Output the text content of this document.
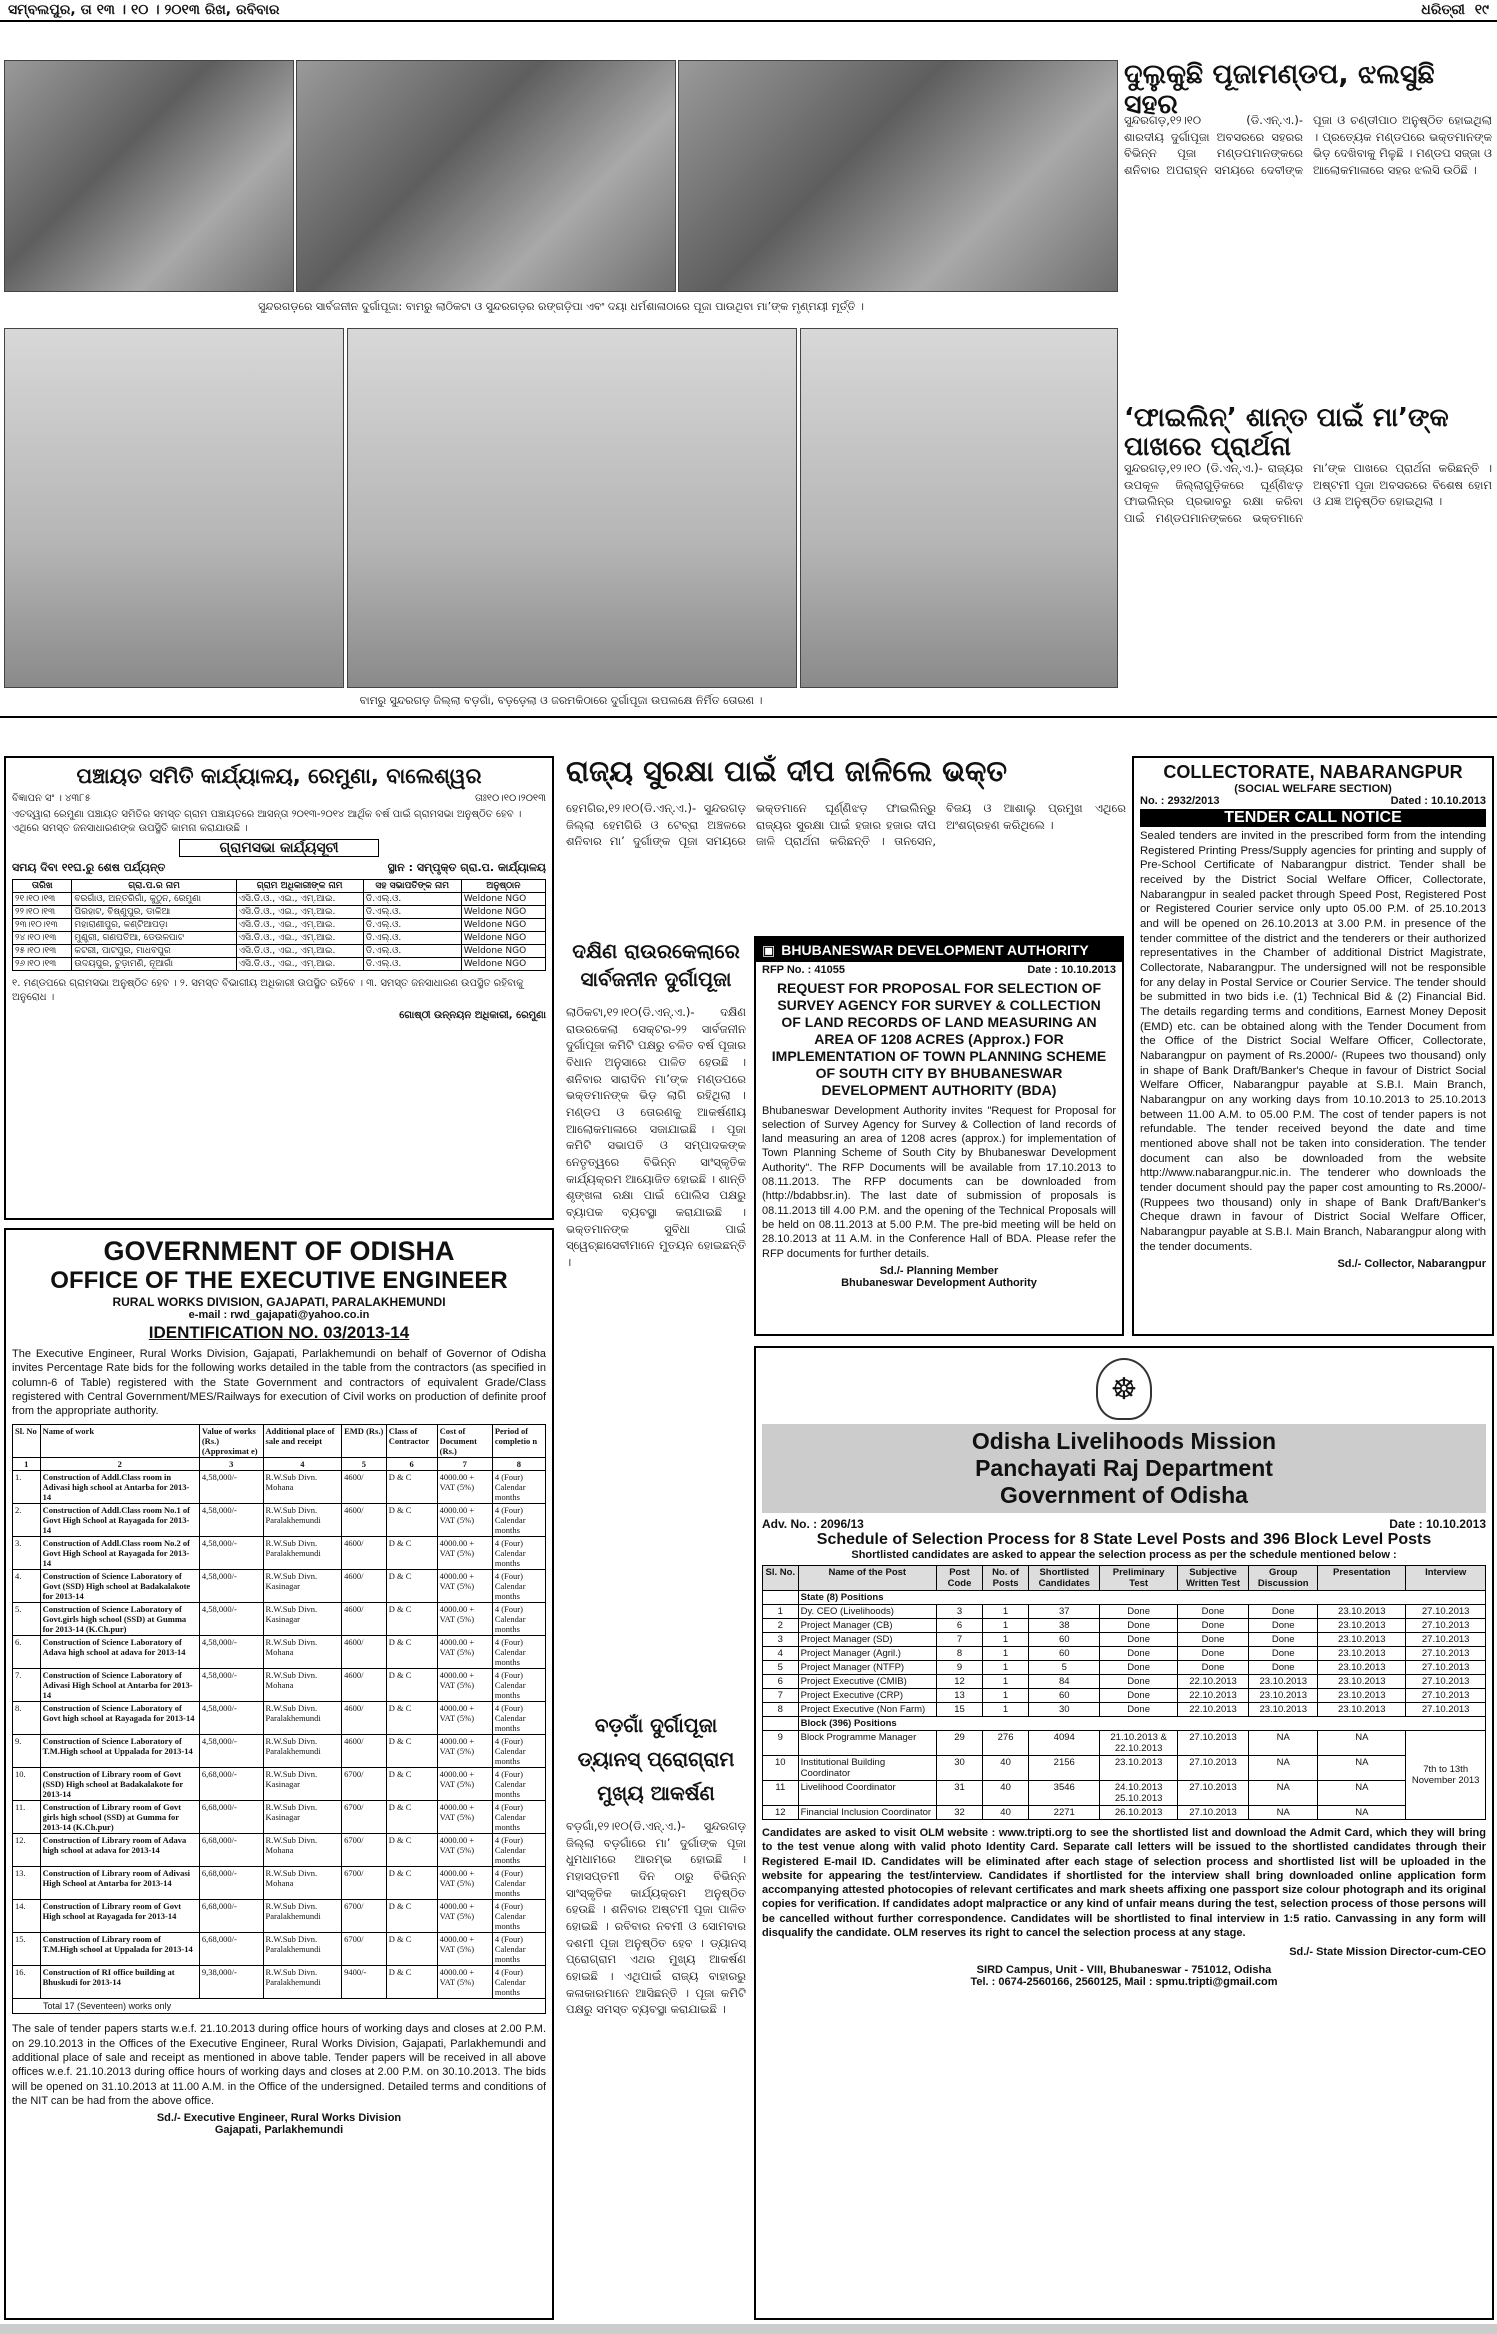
ସମ୍ବଲପୁର, ତା ୧୩ । ୧୦ । ୨୦୧୩ ରିଖ, ରବିବାର	ଧରିତ୍ରୀ ୧୯
ସୁନ୍ଦରଗଡ଼ରେ ସାର୍ବଜନୀନ ଦୁର୍ଗାପୂଜା: ବାମରୁ ଲାଠିକଟା ଓ ସୁନ୍ଦରଗଡ଼ର ରଙ୍ଗଡ଼ିପା ଏବଂ ଦୟା ଧର୍ମଶାଳାଠାରେ ପୂଜା ପାଉଥିବା ମା’ଙ୍କ ମୃଣ୍ମୟୀ ମୂର୍ତ୍ତି ।
ବାମରୁ ସୁନ୍ଦରଗଡ଼ ଜିଲ୍ଲା ବଡ଼ଗାଁ, ବଡ଼ଡ଼େଲା ଓ ଜରମକିଠାରେ ଦୁର୍ଗାପୂଜା ଉପଲକ୍ଷେ ନିର୍ମିତ ତୋରଣ ।
ଦୁଲୁକୁଛି ପୂଜାମଣ୍ଡପ, ଝଲସୁଛି ସହର
ସୁନ୍ଦରଗଡ଼,୧୨।୧୦ (ଡି.ଏନ୍.ଏ.)- ଶାରଦୀୟ ଦୁର୍ଗାପୂଜା ଅବସରରେ ସହରର ବିଭିନ୍ନ ପୂଜା ମଣ୍ଡପମାନଙ୍କରେ ଶନିବାର ଅପରାହ୍ନ ସମୟରେ ଦେବୀଙ୍କ ପୂଜା ଓ ଚଣ୍ଡୀପାଠ ଅନୁଷ୍ଠିତ ହୋଇଥିଲା । ପ୍ରତ୍ୟେକ ମଣ୍ଡପରେ ଭକ୍ତମାନଙ୍କ ଭିଡ଼ ଦେଖିବାକୁ ମିଳୁଛି । ମଣ୍ଡପ ସଜ୍ଜା ଓ ଆଲୋକମାଳାରେ ସହର ଝଲସି ଉଠିଛି ।
‘ଫାଇଲିନ୍’ ଶାନ୍ତ ପାଇଁ ମା’ଙ୍କ ପାଖରେ ପ୍ରାର୍ଥନା
ସୁନ୍ଦରଗଡ଼,୧୨।୧୦ (ଡି.ଏନ୍.ଏ.)- ରାଜ୍ୟର ଉପକୂଳ ଜିଲ୍ଲାଗୁଡ଼ିକରେ ଘୂର୍ଣ୍ଣିଝଡ଼ ଫାଇଲିନ୍‌ର ପ୍ରଭାବରୁ ରକ୍ଷା କରିବା ପାଇଁ ମଣ୍ଡପମାନଙ୍କରେ ଭକ୍ତମାନେ ମା’ଙ୍କ ପାଖରେ ପ୍ରାର୍ଥନା କରିଛନ୍ତି । ଅଷ୍ଟମୀ ପୂଜା ଅବସରରେ ବିଶେଷ ହୋମ ଓ ଯଜ୍ଞ ଅନୁଷ୍ଠିତ ହୋଇଥିଲା ।
ପଞ୍ଚାୟତ ସମିତି କାର୍ଯ୍ୟାଳୟ, ରେମୁଣା, ବାଲେଶ୍ୱର
ବିଜ୍ଞାପନ ସଂ । ୪୩୮୫	ତାଃ୧୦।୧୦।୨୦୧୩
ଏତଦ୍ୱାରା ରେମୁଣା ପଞ୍ଚାୟତ ସମିତିର ସମସ୍ତ ଗ୍ରାମ ପଞ୍ଚାୟତରେ ଆସନ୍ତା ୨୦୧୩-୨୦୧୪ ଆର୍ଥିକ ବର୍ଷ ପାଇଁ ଗ୍ରାମସଭା ଅନୁଷ୍ଠିତ ହେବ । ଏଥିରେ ସମସ୍ତ ଜନସାଧାରଣଙ୍କ ଉପସ୍ଥିତି କାମନା କରାଯାଉଛି ।
ଗ୍ରାମସଭା କାର୍ଯ୍ୟସୂଚୀ
ସମୟ ଦିବା ୧୧ଘ.ରୁ ଶେଷ ପର୍ଯ୍ୟନ୍ତ	ସ୍ଥାନ : ସମ୍ପୃକ୍ତ ଗ୍ରା.ପ. କାର୍ଯ୍ୟାଳୟ
ତାରିଖ	ଗ୍ରା.ପ.ର ନାମ	ଗ୍ରାମ ଅଧିକାରୀଙ୍କ ନାମ	ସହ ସଭାପତିଙ୍କ ନାମ	ଅନୁଷ୍ଠାନ
୨୧।୧୦।୧୩	ବରଗାଁଓ, ଅନ୍ତରିଗାଁ, କୁଠୁନ, ରେମୁଣା	ଏସି.ଡି.ଓ., ଏଇ., ଏମ୍.ଆଇ.	ଡି.ଏଲ୍.ଓ.	Weldone NGO
୨୨।୧୦।୧୩	ପିରହାଟ, ବିଷ୍ଣୁପୁର, ଡାକିଆ	ଏସି.ଡି.ଓ., ଏଇ., ଏମ୍.ଆଇ.	ଡି.ଏଲ୍.ଓ.	Weldone NGO
୨୩।୧୦।୧୩	ମହାରାଣୀପୁର, କଣ୍ଟିଆପଡ଼ା	ଏସି.ଡି.ଓ., ଏଇ., ଏମ୍.ଆଇ.	ଡି.ଏଲ୍.ଓ.	Weldone NGO
୨୪।୧୦।୧୩	ମୁଣ୍ଡ୍ରୀ, ଗଣପତିଆ, ଡେଉଳପାଟ	ଏସି.ଡି.ଓ., ଏଇ., ଏମ୍.ଆଇ.	ଡି.ଏଲ୍.ଓ.	Weldone NGO
୨୫।୧୦।୧୩	କଟରୀ, ପାଟପୁର, ମାଧବପୁର	ଏସି.ଡି.ଓ., ଏଇ., ଏମ୍.ଆଇ.	ଡି.ଏଲ୍.ଓ.	Weldone NGO
୨୬।୧୦।୧୩	ଉଦୟପୁର, ଚୁଡ଼ାମଣି, ନୂଆଗାଁ	ଏସି.ଡି.ଓ., ଏଇ., ଏମ୍.ଆଇ.	ଡି.ଏଲ୍.ଓ.	Weldone NGO
୧. ମଣ୍ଡପରେ ଗ୍ରାମସଭା ଅନୁଷ୍ଠିତ ହେବ । ୨. ସମସ୍ତ ବିଭାଗୀୟ ଅଧିକାରୀ ଉପସ୍ଥିତ ରହିବେ । ୩. ସମସ୍ତ ଜନସାଧାରଣ ଉପସ୍ଥିତ ରହିବାକୁ ଅନୁରୋଧ ।
ଗୋଷ୍ଠୀ ଉନ୍ନୟନ ଅଧିକାରୀ, ରେମୁଣା
GOVERNMENT OF ODISHA
OFFICE OF THE EXECUTIVE ENGINEER
RURAL WORKS DIVISION, GAJAPATI, PARALAKHEMUNDI
e-mail : rwd_gajapati@yahoo.co.in
IDENTIFICATION NO. 03/2013-14
The Executive Engineer, Rural Works Division, Gajapati, Parlakhemundi on behalf of Governor of Odisha invites Percentage Rate bids for the following works detailed in the table from the contractors (as specified in column-6 of Table) registered with the State Government and contractors of equivalent Grade/Class registered with Central Government/MES/Railways for execution of Civil works on production of definite proof from the appropriate authority.
Sl. No	Name of work	Value of works (Rs.) (Approximat e)	Additional place of sale and receipt	EMD (Rs.)	Class of Contractor	Cost of Document (Rs.)	Period of completio n
1	2	3	4	5	6	7	8
1.	Construction of Addl.Class room in Adivasi high school at Antarba for 2013-14	4,58,000/-	R.W.Sub Divn. Mohana	4600/	D & C	4000.00 + VAT (5%)	4 (Four) Calendar months
2.	Construction of Addl.Class room No.1 of Govt High School at Rayagada for 2013-14	4,58,000/-	R.W.Sub Divn. Paralakhemundi	4600/	D & C	4000.00 + VAT (5%)	4 (Four) Calendar months
3.	Construction of Addl.Class room No.2 of Govt High School at Rayagada for 2013-14	4,58,000/-	R.W.Sub Divn. Paralakhemundi	4600/	D & C	4000.00 + VAT (5%)	4 (Four) Calendar months
4.	Construction of Science Laboratory of Govt (SSD) High school at Badakalakote for 2013-14	4,58,000/-	R.W.Sub Divn. Kasinagar	4600/	D & C	4000.00 + VAT (5%)	4 (Four) Calendar months
5.	Construction of Science Laboratory of Govt.girls high school (SSD) at Gumma for 2013-14 (K.Ch.pur)	4,58,000/-	R.W.Sub Divn. Kasinagar	4600/	D & C	4000.00 + VAT (5%)	4 (Four) Calendar months
6.	Construction of Science Laboratory of Adava high school at adava for 2013-14	4,58,000/-	R.W.Sub Divn. Mohana	4600/	D & C	4000.00 + VAT (5%)	4 (Four) Calendar months
7.	Construction of Science Laboratory of Adivasi High School at Antarba for 2013-14	4,58,000/-	R.W.Sub Divn. Mohana	4600/	D & C	4000.00 + VAT (5%)	4 (Four) Calendar months
8.	Construction of Science Laboratory of Govt high school at Rayagada for 2013-14	4,58,000/-	R.W.Sub Divn. Paralakhemundi	4600/	D & C	4000.00 + VAT (5%)	4 (Four) Calendar months
9.	Construction of Science Laboratory of T.M.High school at Uppalada for 2013-14	4,58,000/-	R.W.Sub Divn. Paralakhemundi	4600/	D & C	4000.00 + VAT (5%)	4 (Four) Calendar months
10.	Construction of Library room of Govt (SSD) High school at Badakalakote for 2013-14	6,68,000/-	R.W.Sub Divn. Kasinagar	6700/	D & C	4000.00 + VAT (5%)	4 (Four) Calendar months
11.	Construction of Library room of Govt girls high school (SSD) at Gumma for 2013-14 (K.Ch.pur)	6,68,000/-	R.W.Sub Divn. Kasinagar	6700/	D & C	4000.00 + VAT (5%)	4 (Four) Calendar months
12.	Construction of Library room of Adava high school at adava for 2013-14	6,68,000/-	R.W.Sub Divn. Mohana	6700/	D & C	4000.00 + VAT (5%)	4 (Four) Calendar months
13.	Construction of Library room of Adivasi High School at Antarba for 2013-14	6,68,000/-	R.W.Sub Divn. Mohana	6700/	D & C	4000.00 + VAT (5%)	4 (Four) Calendar months
14.	Construction of Library room of Govt High school at Rayagada for 2013-14	6,68,000/-	R.W.Sub Divn. Paralakhemundi	6700/	D & C	4000.00 + VAT (5%)	4 (Four) Calendar months
15.	Construction of Library room of T.M.High school at Uppalada for 2013-14	6,68,000/-	R.W.Sub Divn. Paralakhemundi	6700/	D & C	4000.00 + VAT (5%)	4 (Four) Calendar months
16.	Construction of RI office building at Bhuskudi for 2013-14	9,38,000/-	R.W.Sub Divn. Paralakhemundi	9400/-	D & C	4000.00 + VAT (5%)	4 (Four) Calendar months
Total 17 (Seventeen) works only
The sale of tender papers starts w.e.f. 21.10.2013 during office hours of working days and closes at 2.00 P.M. on 29.10.2013 in the Offices of the Executive Engineer, Rural Works Division, Gajapati, Parlakhemundi and additional place of sale and receipt as mentioned in above table. Tender papers will be received in all above offices w.e.f. 21.10.2013 during office hours of working days and closes at 2.00 P.M. on 30.10.2013. The bids will be opened on 31.10.2013 at 11.00 A.M. in the Office of the undersigned. Detailed terms and conditions of the NIT can be had from the above office.
Sd./- Executive Engineer, Rural Works Division
Gajapati, Parlakhemundi
ରାଜ୍ୟ ସୁରକ୍ଷା ପାଇଁ ଦୀପ ଜାଳିଲେ ଭକ୍ତ
ହେମଗିର,୧୨।୧୦(ଡି.ଏନ୍.ଏ.)- ସୁନ୍ଦରଗଡ଼ ଜିଲ୍ଲା ହେମଗିରି ଓ ଟେବ୍ରା ଅଞ୍ଚଳରେ ଶନିବାର ମା’ ଦୁର୍ଗାଙ୍କ ପୂଜା ସମୟରେ ଭକ୍ତମାନେ ଘୂର୍ଣ୍ଣିଝଡ଼ ଫାଇଲିନ୍‌ରୁ ରାଜ୍ୟର ସୁରକ୍ଷା ପାଇଁ ହଜାର ହଜାର ଦୀପ ଜାଳି ପ୍ରାର୍ଥନା କରିଛନ୍ତି । ତାନସେନ, ବିଜୟ ଓ ଆଶାଲୁ ପ୍ରମୁଖ ଏଥିରେ ଅଂଶଗ୍ରହଣ କରିଥିଲେ ।
ଦକ୍ଷିଣ ରାଉରକେଲାରେ
ସାର୍ବଜନୀନ ଦୁର୍ଗାପୂଜା
ଲାଠିକଟା,୧୨।୧୦(ଡି.ଏନ୍.ଏ.)- ଦକ୍ଷିଣ ରାଉରକେଲା ସେକ୍ଟର-୨୨ ସାର୍ବଜନୀନ ଦୁର୍ଗାପୂଜା କମିଟି ପକ୍ଷରୁ ଚଳିତ ବର୍ଷ ପୂଜାର ବିଧାନ ଅନୁସାରେ ପାଳିତ ହେଉଛି । ଶନିବାର ସାରାଦିନ ମା’ଙ୍କ ମଣ୍ଡପରେ ଭକ୍ତମାନଙ୍କ ଭିଡ଼ ଲାଗି ରହିଥିଲା । ମଣ୍ଡପ ଓ ତୋରଣକୁ ଆକର୍ଷଣୀୟ ଆଲୋକମାଳାରେ ସଜାଯାଇଛି । ପୂଜା କମିଟି ସଭାପତି ଓ ସମ୍ପାଦକଙ୍କ ନେତୃତ୍ୱରେ ବିଭିନ୍ନ ସାଂସ୍କୃତିକ କାର୍ଯ୍ୟକ୍ରମ ଆୟୋଜିତ ହୋଇଛି । ଶାନ୍ତି ଶୃଙ୍ଖଳା ରକ୍ଷା ପାଇଁ ପୋଲିସ ପକ୍ଷରୁ ବ୍ୟାପକ ବ୍ୟବସ୍ଥା କରାଯାଇଛି । ଭକ୍ତମାନଙ୍କ ସୁବିଧା ପାଇଁ ସ୍ୱେଚ୍ଛାସେବୀମାନେ ମୁତୟନ ହୋଇଛନ୍ତି ।
ବଡ଼ଗାଁ ଦୁର୍ଗାପୂଜା
ଡ୍ୟାନସ୍ ପ୍ରୋଗ୍ରାମ
ମୁଖ୍ୟ ଆକର୍ଷଣ
ବଡ଼ଗାଁ,୧୨।୧୦(ଡି.ଏନ୍.ଏ.)- ସୁନ୍ଦରଗଡ଼ ଜିଲ୍ଲା ବଡ଼ଗାଁରେ ମା’ ଦୁର୍ଗାଙ୍କ ପୂଜା ଧୁମଧାମରେ ଆରମ୍ଭ ହୋଇଛି । ମହାସପ୍ତମୀ ଦିନ ଠାରୁ ବିଭିନ୍ନ ସାଂସ୍କୃତିକ କାର୍ଯ୍ୟକ୍ରମ ଅନୁଷ୍ଠିତ ହେଉଛି । ଶନିବାର ଅଷ୍ଟମୀ ପୂଜା ପାଳିତ ହୋଇଛି । ରବିବାର ନବମୀ ଓ ସୋମବାର ଦଶମୀ ପୂଜା ଅନୁଷ୍ଠିତ ହେବ । ଡ୍ୟାନସ୍ ପ୍ରୋଗ୍ରାମ ଏଥର ମୁଖ୍ୟ ଆକର୍ଷଣ ହୋଇଛି । ଏଥିପାଇଁ ରାଜ୍ୟ ବାହାରରୁ କଳାକାରମାନେ ଆସିଛନ୍ତି । ପୂଜା କମିଟି ପକ୍ଷରୁ ସମସ୍ତ ବ୍ୟବସ୍ଥା କରାଯାଇଛି ।
▣ BHUBANESWAR DEVELOPMENT AUTHORITY
RFP No. : 41055	Date : 10.10.2013
REQUEST FOR PROPOSAL FOR SELECTION OF SURVEY AGENCY FOR SURVEY & COLLECTION OF LAND RECORDS OF LAND MEASURING AN AREA OF 1208 ACRES (Approx.) FOR IMPLEMENTATION OF TOWN PLANNING SCHEME OF SOUTH CITY BY BHUBANESWAR DEVELOPMENT AUTHORITY (BDA)
Bhubaneswar Development Authority invites "Request for Proposal for selection of Survey Agency for Survey & Collection of land records of land measuring an area of 1208 acres (approx.) for implementation of Town Planning Scheme of South City by Bhubaneswar Development Authority". The RFP Documents will be available from 17.10.2013 to 08.11.2013. The RFP documents can be downloaded from (http://bdabbsr.in). The last date of submission of proposals is 08.11.2013 till 4.00 P.M. and the opening of the Technical Proposals will be held on 08.11.2013 at 5.00 P.M. The pre-bid meeting will be held on 28.10.2013 at 11 A.M. in the Conference Hall of BDA. Please refer the RFP documents for further details.
Sd./- Planning Member
Bhubaneswar Development Authority
COLLECTORATE, NABARANGPUR
(SOCIAL WELFARE SECTION)
No. : 2932/2013	Dated : 10.10.2013
TENDER CALL NOTICE
Sealed tenders are invited in the prescribed form from the intending Registered Printing Press/Supply agencies for printing and supply of Pre-School Certificate of Nabarangpur district. Tender shall be received by the District Social Welfare Officer, Collectorate, Nabarangpur in sealed packet through Speed Post, Registered Post or Registered Courier service only upto 05.00 P.M. of 25.10.2013 and will be opened on 26.10.2013 at 3.00 P.M. in presence of the tender committee of the district and the tenderers or their authorized representatives in the Chamber of additional District Magistrate, Collectorate, Nabarangpur. The undersigned will not be responsible for any delay in Postal Service or Courier Service. The tender should be submitted in two bids i.e. (1) Technical Bid & (2) Financial Bid. The details regarding terms and conditions, Earnest Money Deposit (EMD) etc. can be obtained along with the Tender Document from the Office of the District Social Welfare Officer, Collectorate, Nabarangpur on payment of Rs.2000/- (Rupees two thousand) only in shape of Bank Draft/Banker's Cheque in favour of District Social Welfare Officer, Nabarangpur payable at S.B.I. Main Branch, Nabarangpur on any working days from 10.10.2013 to 25.10.2013 between 11.00 A.M. to 05.00 P.M. The cost of tender papers is not refundable. The tender received beyond the date and time mentioned above shall not be taken into consideration. The tender document can also be downloaded from the website http://www.nabarangpur.nic.in. The tenderer who downloads the tender document should pay the paper cost amounting to Rs.2000/- (Ruppees two thousand) only in shape of Bank Draft/Banker's Cheque drawn in favour of District Social Welfare Officer, Nabarangpur payable at S.B.I. Main Branch, Nabarangpur along with the tender documents.
Sd./- Collector, Nabarangpur
☸
Odisha Livelihoods Mission
Panchayati Raj Department
Government of Odisha
Adv. No. : 2096/13	Date : 10.10.2013
Schedule of Selection Process for 8 State Level Posts and 396 Block Level Posts
Shortlisted candidates are asked to appear the selection process as per the schedule mentioned below :
Sl. No.	Name of the Post	Post Code	No. of Posts	Shortlisted Candidates	Preliminary Test	Subjective Written Test	Group Discussion	Presentation	Interview
	State (8) Positions								
1	Dy. CEO (Livelihoods)	3	1	37	Done	Done	Done	23.10.2013	27.10.2013
2	Project Manager (CB)	6	1	38	Done	Done	Done	23.10.2013	27.10.2013
3	Project Manager (SD)	7	1	60	Done	Done	Done	23.10.2013	27.10.2013
4	Project Manager (Agril.)	8	1	60	Done	Done	Done	23.10.2013	27.10.2013
5	Project Manager (NTFP)	9	1	5	Done	Done	Done	23.10.2013	27.10.2013
6	Project Executive (CMIB)	12	1	84	Done	22.10.2013	23.10.2013	23.10.2013	27.10.2013
7	Project Executive (CRP)	13	1	60	Done	22.10.2013	23.10.2013	23.10.2013	27.10.2013
8	Project Executive (Non Farm)	15	1	30	Done	22.10.2013	23.10.2013	23.10.2013	27.10.2013
	Block (396) Positions								
9	Block Programme Manager	29	276	4094	21.10.2013 & 22.10.2013	27.10.2013	NA	NA	7th to 13th November 2013
10	Institutional Building Coordinator	30	40	2156	23.10.2013	27.10.2013	NA	NA	
11	Livelihood Coordinator	31	40	3546	24.10.2013 25.10.2013	27.10.2013	NA	NA	
12	Financial Inclusion Coordinator	32	40	2271	26.10.2013	27.10.2013	NA	NA	
Candidates are asked to visit OLM website : www.tripti.org to see the shortlisted list and download the Admit Card, which they will bring to the test venue along with valid photo Identity Card. Separate call letters will be issued to the shortlisted candidates through their Registered E-mail ID. Candidates will be eliminated after each stage of selection process and shortlisted list will be uploaded in the website for appearing the test/interview. Candidates if shortlisted for the interview shall bring downloaded online application form accompanying attested photocopies of relevant certificates and mark sheets affixing one passport size colour photograph and its original copies for verification. If candidates adopt malpractice or any kind of unfair means during the test, selection process of those persons will be cancelled without further correspondence. Candidates will be shortlisted to final interview in 1:5 ratio. Canvassing in any form will disqualify the candidate. OLM reserves its right to cancel the selection process at any stage.
Sd./- State Mission Director-cum-CEO
SIRD Campus, Unit - VIII, Bhubaneswar - 751012, Odisha
Tel. : 0674-2560166, 2560125, Mail : spmu.tripti@gmail.com
